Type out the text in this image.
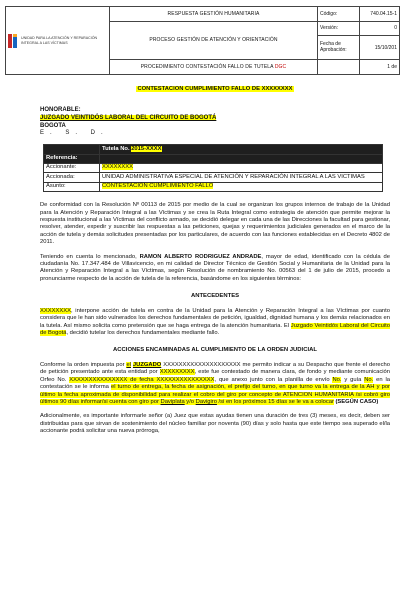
UNIDAD PARA LA ATENCIÓN Y REPARACIÓN INTEGRAL A LAS VÍCTIMAS	RESPUESTA GESTIÓN HUMANITARIA	Código:	740.04.15-1
	PROCESO GESTIÓN DE ATENCIÓN Y ORIENTACIÓN	Versión:	0
		Fecha de Aprobación:	15/10/201
	PROCEDIMIENTO CONTESTACIÓN FALLO DE TUTELA DGC		1 de
CONTESTACION CUMPLIMIENTO FALLO DE XXXXXXXX
HONORABLE:
JUZGADO VEINTIDÓS LABORAL DEL CIRCUITO DE BOGOTÁ
BOGOTA
E. S. D.
	Tutela No. 2015-XXXX
Referencia:	
Accionante:	XXXXXXXX
Accionada:	UNIDAD ADMINISTRATIVA ESPECIAL DE ATENCIÓN Y REPARACIÓN INTEGRAL A LAS VICTIMAS
Asunto:	CONTESTACIÓN CUMPLIMIENTO FALLO

De conformidad con la Resolución Nº 00113 de 2015 por medio de la cual se organizan los grupos internos de trabajo de la Unidad para la Atención y Reparación Integral a las Víctimas y se crea la Ruta Integral como estrategia de atención que permite mejorar la respuesta institucional a las Víctimas del conflicto armado, se decidió delegar en cada una de las Direcciones la facultad para gestionar, resolver, atender, expedir y suscribir las respuestas a las peticiones, quejas y requerimientos judiciales generados en el marco de la acción de tutela y demás solicitudes presentadas por los particulares, de acuerdo con las funciones establecidas en el Decreto 4802 de 2011.

Teniendo en cuenta lo mencionado, RAMON ALBERTO RODRIGUEZ ANDRADE, mayor de edad, identificado con la cédula de ciudadanía No. 17.347.484 de Villavicencio, en mi calidad de Director Técnico de Gestión Social y Humanitaria de la Unidad para la Atención y Reparación Integral a las Víctimas, según Resolución de nombramiento No. 00563 del 1 de julio de 2015, procedo a pronunciarme respecto de la acción de tutela de la referencia, basándome en los siguientes términos:

ANTECEDENTES

XXXXXXXX, interpone acción de tutela en contra de la Unidad para la Atención y Reparación Integral a las Víctimas por cuanto considera que le han sido vulnerados los derechos fundamentales de petición, igualdad, dignidad humana y los demás relacionados en la tutela. Así mismo solicita como pretensión que se haga entrega de la atención humanitaria. El Juzgado Veintidós Laboral del Circuito de Bogotá, decidió tutelar los derechos fundamentales mediante fallo.

ACCIONES ENCAMINADAS AL CUMPLIMIENTO DE LA ORDEN JUDICIAL

Conforme la orden impuesta por el JUZGADO XXXXXXXXXXXXXXXXXXXX me permito indicar a su Despacho que frente el derecho de petición presentado ante esta entidad por XXXXXXXXX, este fue contestado de manera clara, de fondo y mediante comunicación Orfeo No. XXXXXXXXXXXXXXX de fecha XXXXXXXXXXXXXXX, que anexo junto con la planilla de envío No. y guía No. en la contestación se le informa el turno de entrega, la fecha de asignación, el prefijo del turno, en que turno va la entrega de la AH y por último la fecha aproximada de disponibilidad para realizar el cobro del giro por concepto de ATENCION HUMANITARIA /si cobró giro últimos 90 días informar/si cuenta con giro por Daviplata y/o Davigiro /si en los próximos 15 días se le va a colocar (SEGÚN CASO)

Adicionalmente, es importante informarle señor (a) Juez que estas ayudas tienen una duración de tres (3) meses, es decir, deben ser distribuidas para que sirvan de sostenimiento del núcleo familiar por noventa (90) días y solo hasta que este tiempo sea superado el/la accionante podrá solicitar una nueva prórroga,
